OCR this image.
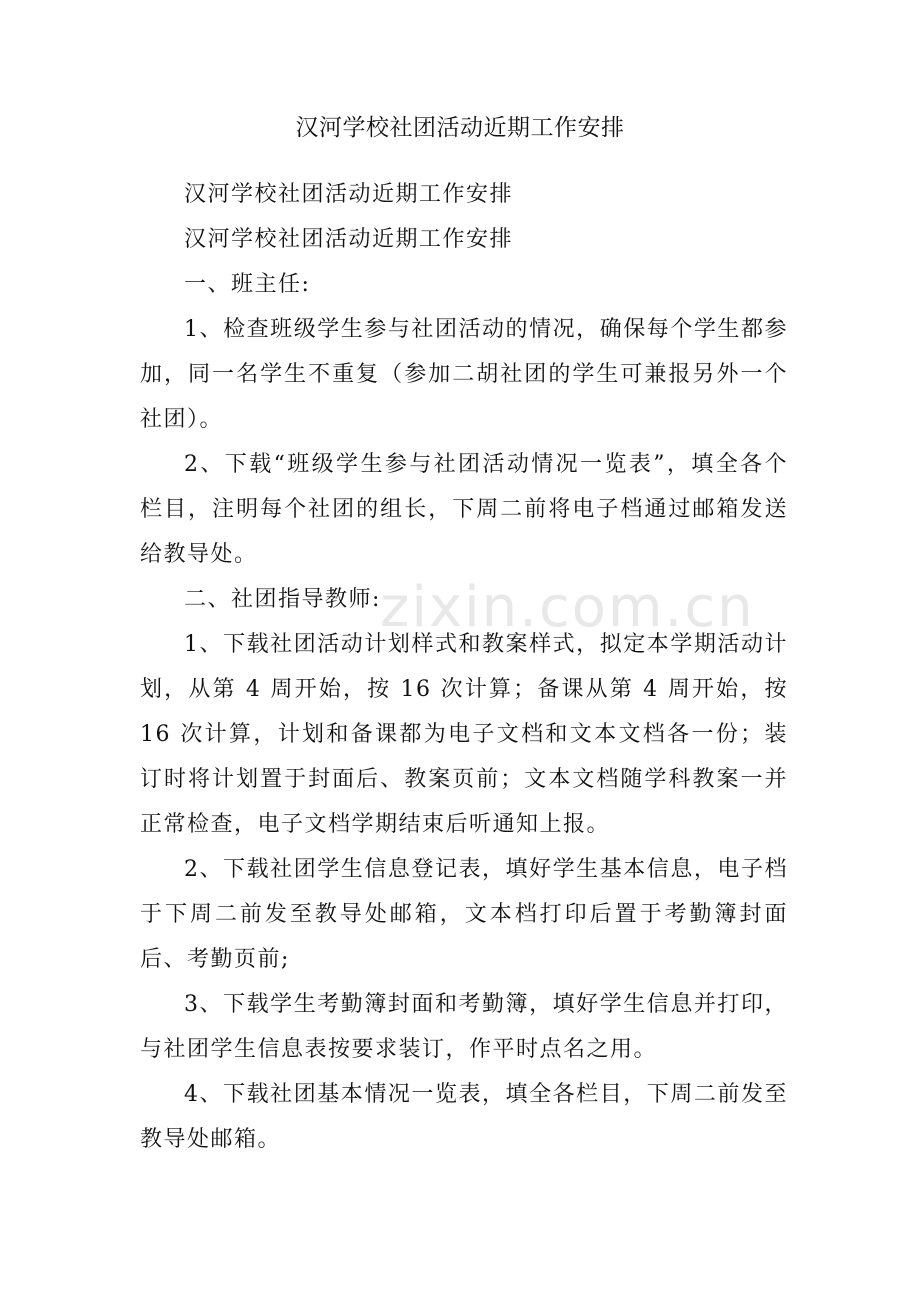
zixin.com.cn
汉河学校社团活动近期工作安排

汉河学校社团活动近期工作安排

汉河学校社团活动近期工作安排

一、班主任:

1、检查班级学生参与社团活动的情况，确保每个学生都参加，同一名学生不重复（参加二胡社团的学生可兼报另外一个社团）。

2、下载“班级学生参与社团活动情况一览表”，填全各个栏目，注明每个社团的组长，下周二前将电子档通过邮箱发送给教导处。

二、社团指导教师:

1、下载社团活动计划样式和教案样式，拟定本学期活动计划，从第 4 周开始，按 16 次计算；备课从第 4 周开始，按 16 次计算，计划和备课都为电子文档和文本文档各一份；装订时将计划置于封面后、教案页前；文本文档随学科教案一并正常检查，电子文档学期结束后听通知上报。

2、下载社团学生信息登记表，填好学生基本信息，电子档于下周二前发至教导处邮箱，文本档打印后置于考勤簿封面后、考勤页前;

3、下载学生考勤簿封面和考勤簿，填好学生信息并打印，与社团学生信息表按要求装订，作平时点名之用。

4、下载社团基本情况一览表，填全各栏目，下周二前发至教导处邮箱。
